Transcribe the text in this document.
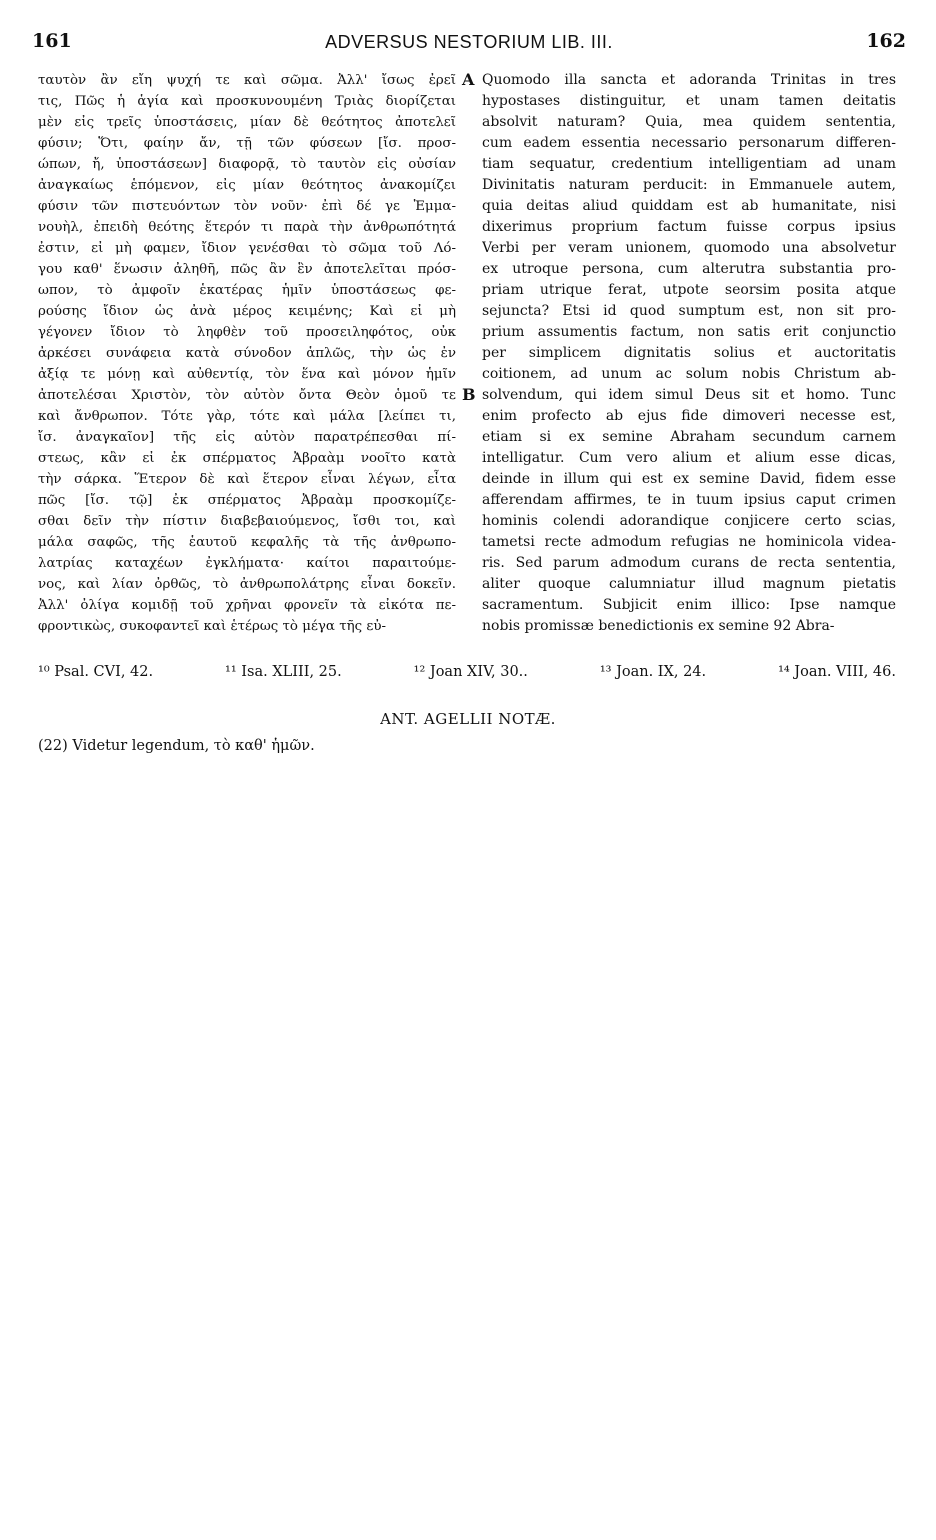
161	ADVERSUS NESTORIUM LIB. III.	162
ταυτὸν ἂν εἴη ψυχή τε καὶ σῶμα. Ἀλλ' ἴσως ἐρεῖ
τις, Πῶς ἡ ἁγία καὶ προσκυνουμένη Τριὰς διορίζεται
μὲν εἰς τρεῖς ὑποστάσεις, μίαν δὲ θεότητος ἀποτελεῖ
φύσιν; Ὅτι, φαίην ἄν, τῇ τῶν φύσεων [ἴσ. προσ-
ώπων, ἤ, ὑποστάσεων] διαφορᾷ, τὸ ταυτὸν εἰς οὐσίαν
ἀναγκαίως ἑπόμενον, εἰς μίαν θεότητος ἀνακομίζει
φύσιν τῶν πιστευόντων τὸν νοῦν· ἐπὶ δέ γε Ἐμμα-
νουὴλ, ἐπειδὴ θεότης ἕτερόν τι παρὰ τὴν ἀνθρωπότητά
ἐστιν, εἰ μὴ φαμεν, ἴδιον γενέσθαι τὸ σῶμα τοῦ Λό-
γου καθ' ἕνωσιν ἀληθῆ, πῶς ἂν ἓν ἀποτελεῖται πρόσ-
ωπον, τὸ ἀμφοῖν ἑκατέρας ἡμῖν ὑποστάσεως φε-
ρούσης ἴδιον ὡς ἀνὰ μέρος κειμένης; Καὶ εἰ μὴ
γέγονεν ἴδιον τὸ ληφθὲν τοῦ προσειληφότος, οὐκ
ἀρκέσει συνάφεια κατὰ σύνοδον ἁπλῶς, τὴν ὡς ἐν
ἀξίᾳ τε μόνῃ καὶ αὐθεντίᾳ, τὸν ἕνα καὶ μόνον ἡμῖν
ἀποτελέσαι Χριστὸν, τὸν αὐτὸν ὄντα Θεὸν ὁμοῦ τε
καὶ ἄνθρωπον. Τότε γὰρ, τότε καὶ μάλα [λείπει τι,
ἴσ. ἀναγκαῖον] τῆς εἰς αὐτὸν παρατρέπεσθαι πί-
στεως, κἂν εἰ ἐκ σπέρματος Ἀβραὰμ νοοῖτο κατὰ
τὴν σάρκα. Ἕτερον δὲ καὶ ἕτερον εἶναι λέγων, εἶτα
πῶς [ἴσ. τῷ] ἐκ σπέρματος Ἀβραὰμ προσκομίζε-
σθαι δεῖν τὴν πίστιν διαβεβαιούμενος, ἴσθι τοι, καὶ
μάλα σαφῶς, τῆς ἑαυτοῦ κεφαλῆς τὰ τῆς ἀνθρωπο-
λατρίας καταχέων ἐγκλήματα· καίτοι παραιτούμε-
νος, καὶ λίαν ὀρθῶς, τὸ ἀνθρωπολάτρης εἶναι δοκεῖν.
Ἀλλ' ὀλίγα κομιδῇ τοῦ χρῆναι φρονεῖν τὰ εἰκότα πε-
φροντικὼς, συκοφαντεῖ καὶ ἑτέρως τὸ μέγα τῆς εὐ-
A
B
Quomodo illa sancta et adoranda Trinitas in tres
hypostases distinguitur, et unam tamen deitatis
absolvit naturam? Quia, mea quidem sententia,
cum eadem essentia necessario personarum differen-
tiam sequatur, credentium intelligentiam ad unam
Divinitatis naturam perducit: in Emmanuele autem,
quia deitas aliud quiddam est ab humanitate, nisi
dixerimus proprium factum fuisse corpus ipsius
Verbi per veram unionem, quomodo una absolvetur
ex utroque persona, cum alterutra substantia pro-
priam utrique ferat, utpote seorsim posita atque
sejuncta? Etsi id quod sumptum est, non sit pro-
prium assumentis factum, non satis erit conjunctio
per simplicem dignitatis solius et auctoritatis
coitionem, ad unum ac solum nobis Christum ab-
solvendum, qui idem simul Deus sit et homo. Tunc
enim profecto ab ejus fide dimoveri necesse est,
etiam si ex semine Abraham secundum carnem
intelligatur. Cum vero alium et alium esse dicas,
deinde in illum qui est ex semine David, fidem esse
afferendam affirmes, te in tuum ipsius caput crimen
hominis colendi adorandique conjicere certo scias,
tametsi recte admodum refugias ne hominicola videa-
ris. Sed parum admodum curans de recta sententia,
aliter quoque calumniatur illud magnum pietatis
sacramentum. Subjicit enim illico: Ipse namque
nobis promissæ benedictionis ex semine 92 Abra-
¹⁰ Psal. CVI, 42.	¹¹ Isa. XLIII, 25.	¹² Joan XIV, 30..	¹³ Joan. IX, 24.	¹⁴ Joan. VIII, 46.
ANT. AGELLII NOTÆ.
(22) Videtur legendum, τὸ καθ' ἡμῶν.
